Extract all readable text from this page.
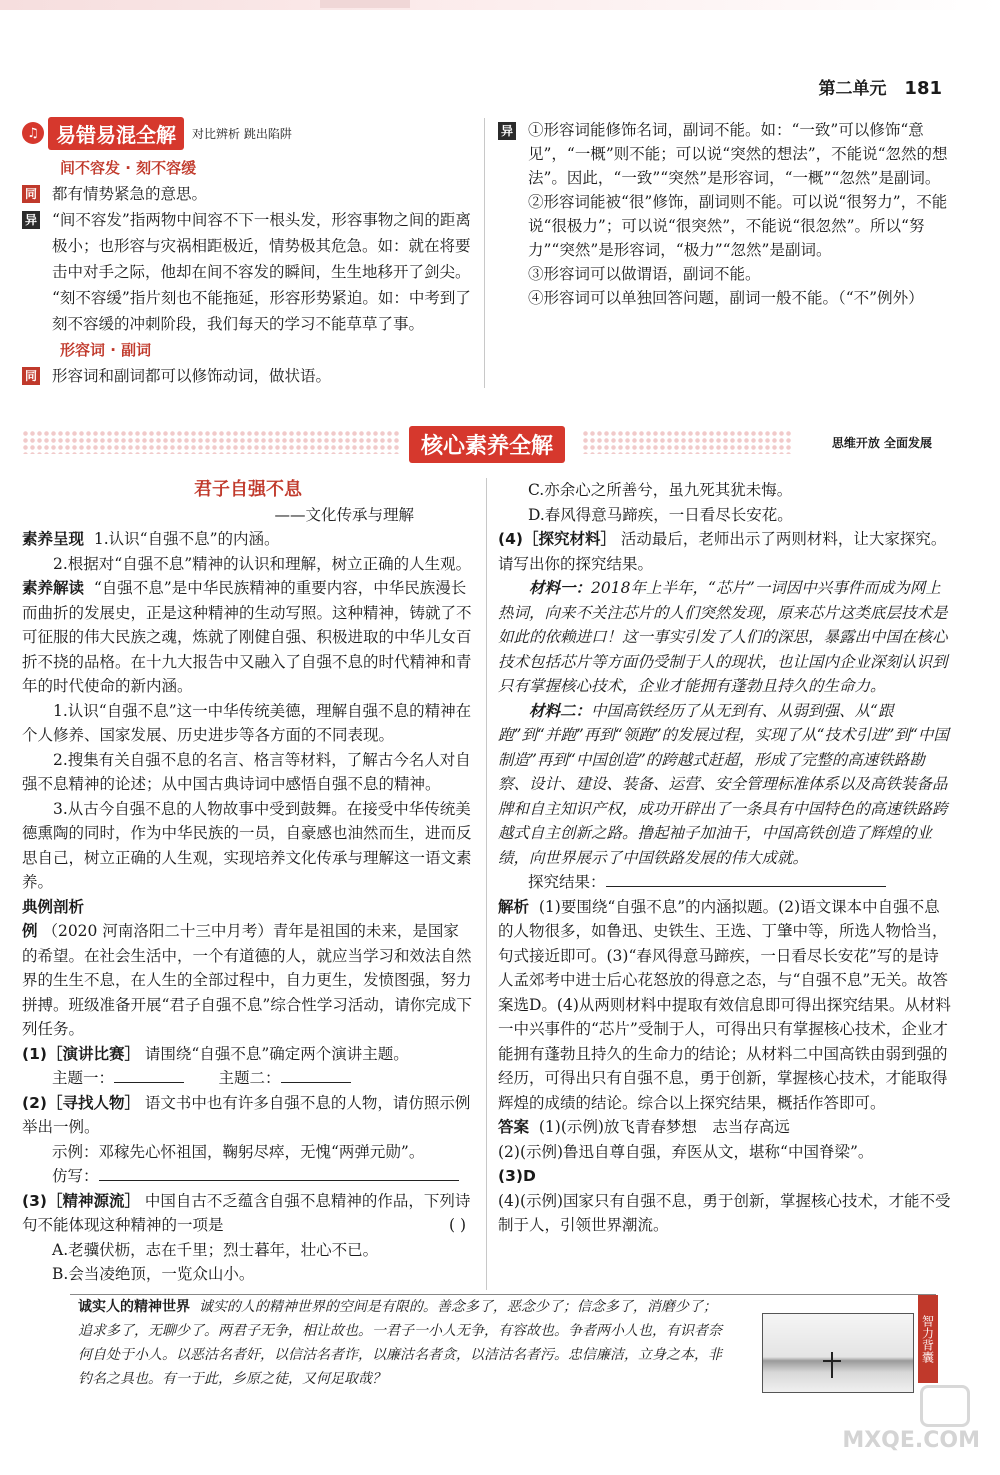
第二单元 181
♫ 易错易混全解	对比辨析 跳出陷阱
间不容发 · 刻不容缓
同 都有情势紧急的意思。
异 “间不容发”指两物中间容不下一根头发，形容事物之间的距离极小；也形容与灾祸相距极近，情势极其危急。如：就在将要击中对手之际，他却在间不容发的瞬间，生生地移开了剑尖。
“刻不容缓”指片刻也不能拖延，形容形势紧迫。如：中考到了刻不容缓的冲刺阶段，我们每天的学习不能草草了事。
形容词 · 副词
同 形容词和副词都可以修饰动词，做状语。
异 ①形容词能修饰名词，副词不能。如：“一致”可以修饰“意见”，“一概”则不能；可以说“突然的想法”，不能说“忽然的想法”。因此，“一致”“突然”是形容词，“一概”“忽然”是副词。

②形容词能被“很”修饰，副词则不能。可以说“很努力”，不能说“很极力”；可以说“很突然”，不能说“很忽然”。所以“努力”“突然”是形容词，“极力”“忽然”是副词。

③形容词可以做谓语，副词不能。

④形容词可以单独回答问题，副词一般不能。（“不”例外）

核心素养全解	思维开放 全面发展

君子自强不息

——文化传承与理解

素养呈现 1.认识“自强不息”的内涵。

2.根据对“自强不息”精神的认识和理解，树立正确的人生观。

素养解读 “自强不息”是中华民族精神的重要内容，中华民族漫长而曲折的发展史，正是这种精神的生动写照。这种精神，铸就了不可征服的伟大民族之魂，炼就了刚健自强、积极进取的中华儿女百折不挠的品格。在十九大报告中又融入了自强不息的时代精神和青年的时代使命的新内涵。

1.认识“自强不息”这一中华传统美德，理解自强不息的精神在个人修养、国家发展、历史进步等各方面的不同表现。

2.搜集有关自强不息的名言、格言等材料，了解古今名人对自强不息精神的论述；从中国古典诗词中感悟自强不息的精神。

3.从古今自强不息的人物故事中受到鼓舞。在接受中华传统美德熏陶的同时，作为中华民族的一员，自豪感也油然而生，进而反思自己，树立正确的人生观，实现培养文化传承与理解这一语文素养。

典例剖析

例 （2020 河南洛阳二十三中月考）青年是祖国的未来，是国家的希望。在社会生活中，一个有道德的人，就应当学习和效法自然界的生生不息，在人生的全部过程中，自力更生，发愤图强，努力拼搏。班级准备开展“君子自强不息”综合性学习活动，请你完成下列任务。

(1)［演讲比赛］ 请围绕“自强不息”确定两个演讲主题。

主题一：	主题二：

(2)［寻找人物］ 语文书中也有许多自强不息的人物，请仿照示例举出一例。

示例：邓稼先心怀祖国，鞠躬尽瘁，无愧“两弹元勋”。

仿写：

(3)［精神源流］ 中国自古不乏蕴含自强不息精神的作品，下列诗句不能体现这种精神的一项是	( )

A.老骥伏枥，志在千里；烈士暮年，壮心不已。

B.会当凌绝顶，一览众山小。

C.亦余心之所善兮，虽九死其犹未悔。

D.春风得意马蹄疾，一日看尽长安花。

(4)［探究材料］ 活动最后，老师出示了两则材料，让大家探究。请写出你的探究结果。

材料一：2018年上半年，“芯片”一词因中兴事件而成为网上热词，向来不关注芯片的人们突然发现，原来芯片这类底层技术是如此的依赖进口！这一事实引发了人们的深思，暴露出中国在核心技术包括芯片等方面仍受制于人的现状，也让国内企业深刻认识到只有掌握核心技术，企业才能拥有蓬勃且持久的生命力。

材料二：中国高铁经历了从无到有、从弱到强、从“跟跑”到“并跑”再到“领跑”的发展过程，实现了从“技术引进”到“中国制造”再到“中国创造”的跨越式赶超，形成了完整的高速铁路勘察、设计、建设、装备、运营、安全管理标准体系以及高铁装备品牌和自主知识产权，成功开辟出了一条具有中国特色的高速铁路跨越式自主创新之路。撸起袖子加油干，中国高铁创造了辉煌的业绩，向世界展示了中国铁路发展的伟大成就。

探究结果：

解析 (1)要围绕“自强不息”的内涵拟题。(2)语文课本中自强不息的人物很多，如鲁迅、史铁生、王选、丁肇中等，所选人物恰当，句式接近即可。(3)“春风得意马蹄疾，一日看尽长安花”写的是诗人孟郊考中进士后心花怒放的得意之态，与“自强不息”无关。故答案选D。(4)从两则材料中提取有效信息即可得出探究结果。从材料一中兴事件的“芯片”受制于人，可得出只有掌握核心技术，企业才能拥有蓬勃且持久的生命力的结论；从材料二中国高铁由弱到强的经历，可得出只有自强不息，勇于创新，掌握核心技术，才能取得辉煌的成绩的结论。综合以上探究结果，概括作答即可。

答案 (1)(示例)放飞青春梦想　志当存高远

(2)(示例)鲁迅自尊自强，弃医从文，堪称“中国脊梁”。

(3)D

(4)(示例)国家只有自强不息，勇于创新，掌握核心技术，才能不受制于人，引领世界潮流。

诚实人的精神世界 诚实的人的精神世界的空间是有限的。善念多了，恶念少了；信念多了，消磨少了；追求多了，无聊少了。两君子无争，相让故也。一君子一小人无争，有容故也。争者两小人也，有识者奈何自处于小人。以恶沽名者奸，以信沽名者诈，以廉沽名者贪，以洁沽名者污。忠信廉洁，立身之本，非钓名之具也。有一于此，乡原之徒，又何足取哉？
智力背囊
MXQE.COM
